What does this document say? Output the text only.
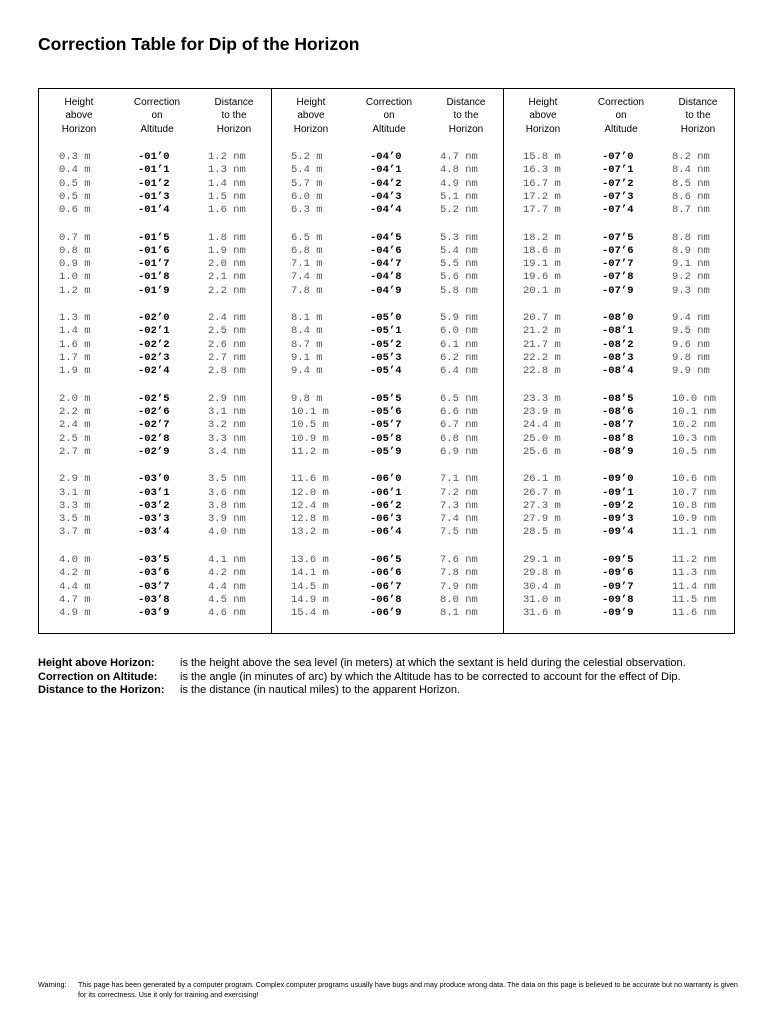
Correction Table for Dip of the Horizon
Height
above
Horizon
Correction
on
Altitude
Distance
to the
Horizon
0.3 m	-01’0	1.2 nm
0.4 m	-01’1	1.3 nm
0.5 m	-01’2	1.4 nm
0.5 m	-01’3	1.5 nm
0.6 m	-01’4	1.6 nm
0.7 m	-01’5	1.8 nm
0.8 m	-01’6	1.9 nm
0.9 m	-01’7	2.0 nm
1.0 m	-01’8	2.1 nm
1.2 m	-01’9	2.2 nm
1.3 m	-02’0	2.4 nm
1.4 m	-02’1	2.5 nm
1.6 m	-02’2	2.6 nm
1.7 m	-02’3	2.7 nm
1.9 m	-02’4	2.8 nm
2.0 m	-02’5	2.9 nm
2.2 m	-02’6	3.1 nm
2.4 m	-02’7	3.2 nm
2.5 m	-02’8	3.3 nm
2.7 m	-02’9	3.4 nm
2.9 m	-03’0	3.5 nm
3.1 m	-03’1	3.6 nm
3.3 m	-03’2	3.8 nm
3.5 m	-03’3	3.9 nm
3.7 m	-03’4	4.0 nm
4.0 m	-03’5	4.1 nm
4.2 m	-03’6	4.2 nm
4.4 m	-03’7	4.4 nm
4.7 m	-03’8	4.5 nm
4.9 m	-03’9	4.6 nm
Height
above
Horizon
Correction
on
Altitude
Distance
to the
Horizon
5.2 m	-04’0	4.7 nm
5.4 m	-04’1	4.8 nm
5.7 m	-04’2	4.9 nm
6.0 m	-04’3	5.1 nm
6.3 m	-04’4	5.2 nm
6.5 m	-04’5	5.3 nm
6.8 m	-04’6	5.4 nm
7.1 m	-04’7	5.5 nm
7.4 m	-04’8	5.6 nm
7.8 m	-04’9	5.8 nm
8.1 m	-05’0	5.9 nm
8.4 m	-05’1	6.0 nm
8.7 m	-05’2	6.1 nm
9.1 m	-05’3	6.2 nm
9.4 m	-05’4	6.4 nm
9.8 m	-05’5	6.5 nm
10.1 m	-05’6	6.6 nm
10.5 m	-05’7	6.7 nm
10.9 m	-05’8	6.8 nm
11.2 m	-05’9	6.9 nm
11.6 m	-06’0	7.1 nm
12.0 m	-06’1	7.2 nm
12.4 m	-06’2	7.3 nm
12.8 m	-06’3	7.4 nm
13.2 m	-06’4	7.5 nm
13.6 m	-06’5	7.6 nm
14.1 m	-06’6	7.8 nm
14.5 m	-06’7	7.9 nm
14.9 m	-06’8	8.0 nm
15.4 m	-06’9	8.1 nm
Height
above
Horizon
Correction
on
Altitude
Distance
to the
Horizon
15.8 m	-07’0	8.2 nm
16.3 m	-07’1	8.4 nm
16.7 m	-07’2	8.5 nm
17.2 m	-07’3	8.6 nm
17.7 m	-07’4	8.7 nm
18.2 m	-07’5	8.8 nm
18.6 m	-07’6	8.9 nm
19.1 m	-07’7	9.1 nm
19.6 m	-07’8	9.2 nm
20.1 m	-07’9	9.3 nm
20.7 m	-08’0	9.4 nm
21.2 m	-08’1	9.5 nm
21.7 m	-08’2	9.6 nm
22.2 m	-08’3	9.8 nm
22.8 m	-08’4	9.9 nm
23.3 m	-08’5	10.0 nm
23.9 m	-08’6	10.1 nm
24.4 m	-08’7	10.2 nm
25.0 m	-08’8	10.3 nm
25.6 m	-08’9	10.5 nm
26.1 m	-09’0	10.6 nm
26.7 m	-09’1	10.7 nm
27.3 m	-09’2	10.8 nm
27.9 m	-09’3	10.9 nm
28.5 m	-09’4	11.1 nm
29.1 m	-09’5	11.2 nm
29.8 m	-09’6	11.3 nm
30.4 m	-09’7	11.4 nm
31.0 m	-09’8	11.5 nm
31.6 m	-09’9	11.6 nm
Height above Horizon: is the height above the sea level (in meters) at which the sextant is held during the celestial observation.
Correction on Altitude: is the angle (in minutes of arc) by which the Altitude has to be corrected to account for the effect of Dip.
Distance to the Horizon: is the distance (in nautical miles) to the apparent Horizon.
Warning: This page has been generated by a computer program. Complex computer programs usually have bugs and may produce wrong data. The data on this page is believed to be accurate but no warranty is given for its correctness. Use it only for training and exercising!
